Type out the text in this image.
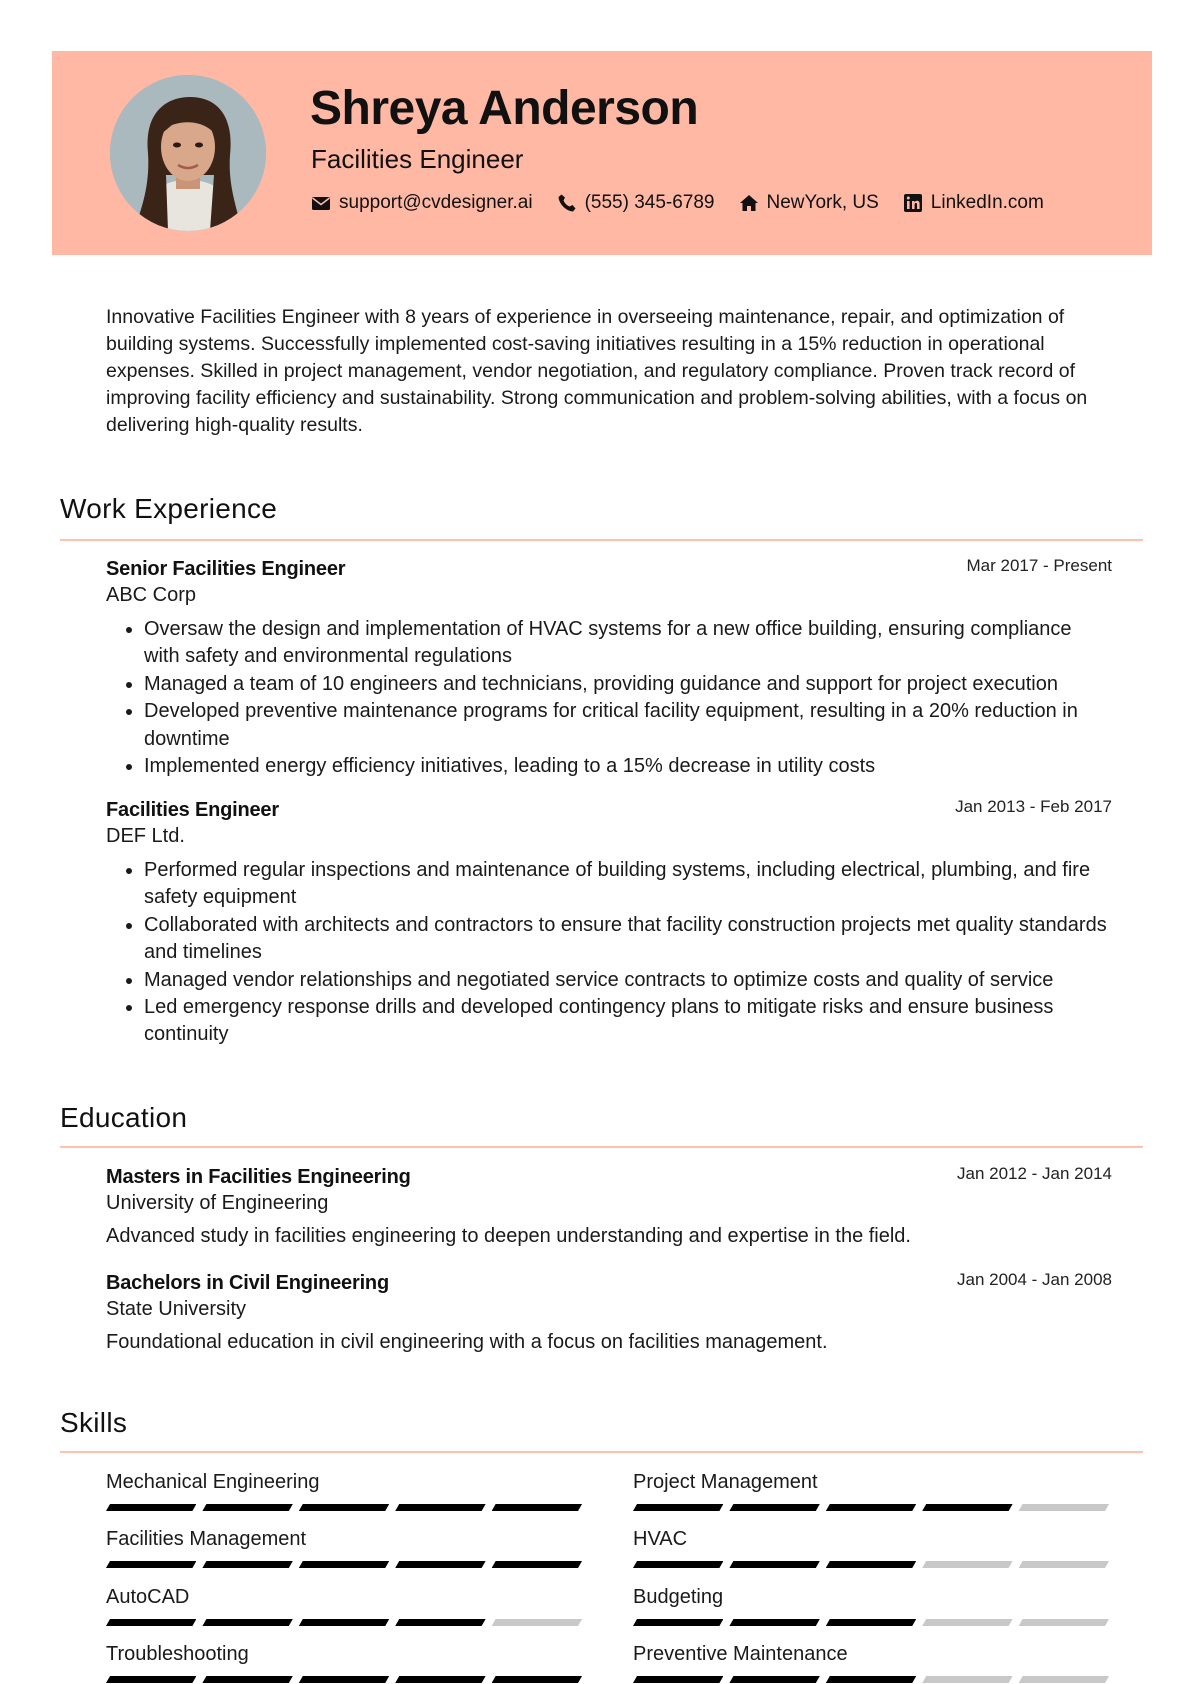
Shreya Anderson
Facilities Engineer
support@cvdesigner.ai	(555) 345-6789	NewYork, US	LinkedIn.com
Innovative Facilities Engineer with 8 years of experience in overseeing maintenance, repair, and optimization of building systems. Successfully implemented cost-saving initiatives resulting in a 15% reduction in operational expenses. Skilled in project management, vendor negotiation, and regulatory compliance. Proven track record of improving facility efficiency and sustainability. Strong communication and problem-solving abilities, with a focus on delivering high-quality results.
Work Experience
Senior Facilities Engineer	Mar 2017 - Present
ABC Corp
• Oversaw the design and implementation of HVAC systems for a new office building, ensuring compliance with safety and environmental regulations
• Managed a team of 10 engineers and technicians, providing guidance and support for project execution
• Developed preventive maintenance programs for critical facility equipment, resulting in a 20% reduction in downtime
• Implemented energy efficiency initiatives, leading to a 15% decrease in utility costs
Facilities Engineer	Jan 2013 - Feb 2017
DEF Ltd.
• Performed regular inspections and maintenance of building systems, including electrical, plumbing, and fire safety equipment
• Collaborated with architects and contractors to ensure that facility construction projects met quality standards and timelines
• Managed vendor relationships and negotiated service contracts to optimize costs and quality of service
• Led emergency response drills and developed contingency plans to mitigate risks and ensure business continuity
Education
Masters in Facilities Engineering	Jan 2012 - Jan 2014
University of Engineering
Advanced study in facilities engineering to deepen understanding and expertise in the field.
Bachelors in Civil Engineering	Jan 2004 - Jan 2008
State University
Foundational education in civil engineering with a focus on facilities management.
Skills
Mechanical Engineering	Project Management
Facilities Management	HVAC
AutoCAD	Budgeting
Troubleshooting	Preventive Maintenance
